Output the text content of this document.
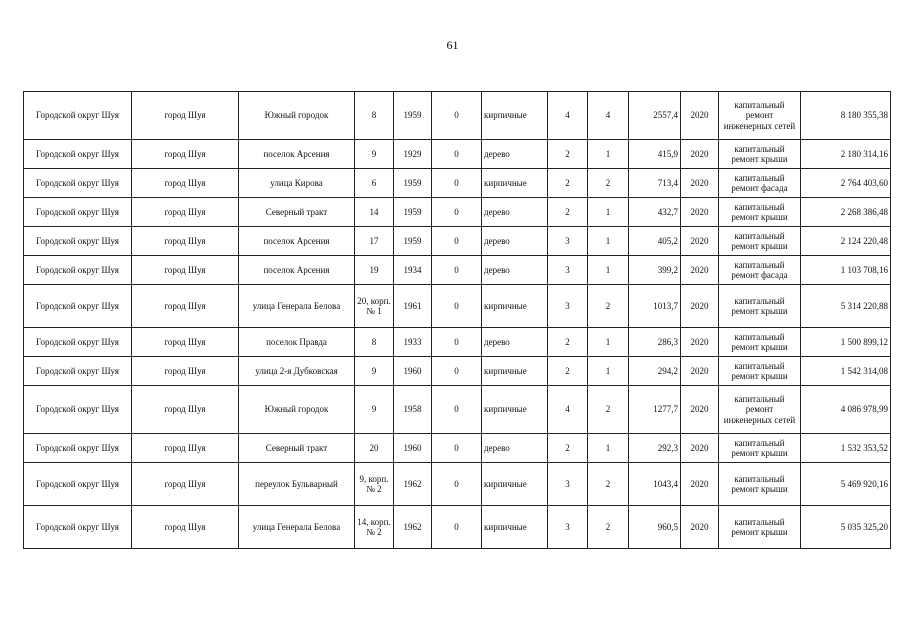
61
Городской округ Шуя	город Шуя	Южный городок	8	1959	0	кирпичные	4	4	2557,4	2020	капитальный ремонт инженерных сетей	8 180 355,38
Городской округ Шуя	город Шуя	поселок Арсения	9	1929	0	дерево	2	1	415,9	2020	капитальный ремонт крыши	2 180 314,16
Городской округ Шуя	город Шуя	улица Кирова	6	1959	0	кирпичные	2	2	713,4	2020	капитальный ремонт фасада	2 764 403,60
Городской округ Шуя	город Шуя	Северный тракт	14	1959	0	дерево	2	1	432,7	2020	капитальный ремонт крыши	2 268 386,48
Городской округ Шуя	город Шуя	поселок Арсения	17	1959	0	дерево	3	1	405,2	2020	капитальный ремонт крыши	2 124 220,48
Городской округ Шуя	город Шуя	поселок Арсения	19	1934	0	дерево	3	1	399,2	2020	капитальный ремонт фасада	1 103 708,16
Городской округ Шуя	город Шуя	улица Генерала Белова	20, корп. № 1	1961	0	кирпичные	3	2	1013,7	2020	капитальный ремонт крыши	5 314 220,88
Городской округ Шуя	город Шуя	поселок Правда	8	1933	0	дерево	2	1	286,3	2020	капитальный ремонт крыши	1 500 899,12
Городской округ Шуя	город Шуя	улица 2-я Дубковская	9	1960	0	кирпичные	2	1	294,2	2020	капитальный ремонт крыши	1 542 314,08
Городской округ Шуя	город Шуя	Южный городок	9	1958	0	кирпичные	4	2	1277,7	2020	капитальный ремонт инженерных сетей	4 086 978,99
Городской округ Шуя	город Шуя	Северный тракт	20	1960	0	дерево	2	1	292,3	2020	капитальный ремонт крыши	1 532 353,52
Городской округ Шуя	город Шуя	переулок Бульварный	9, корп. № 2	1962	0	кирпичные	3	2	1043,4	2020	капитальный ремонт крыши	5 469 920,16
Городской округ Шуя	город Шуя	улица Генерала Белова	14, корп. № 2	1962	0	кирпичные	3	2	960,5	2020	капитальный ремонт крыши	5 035 325,20
